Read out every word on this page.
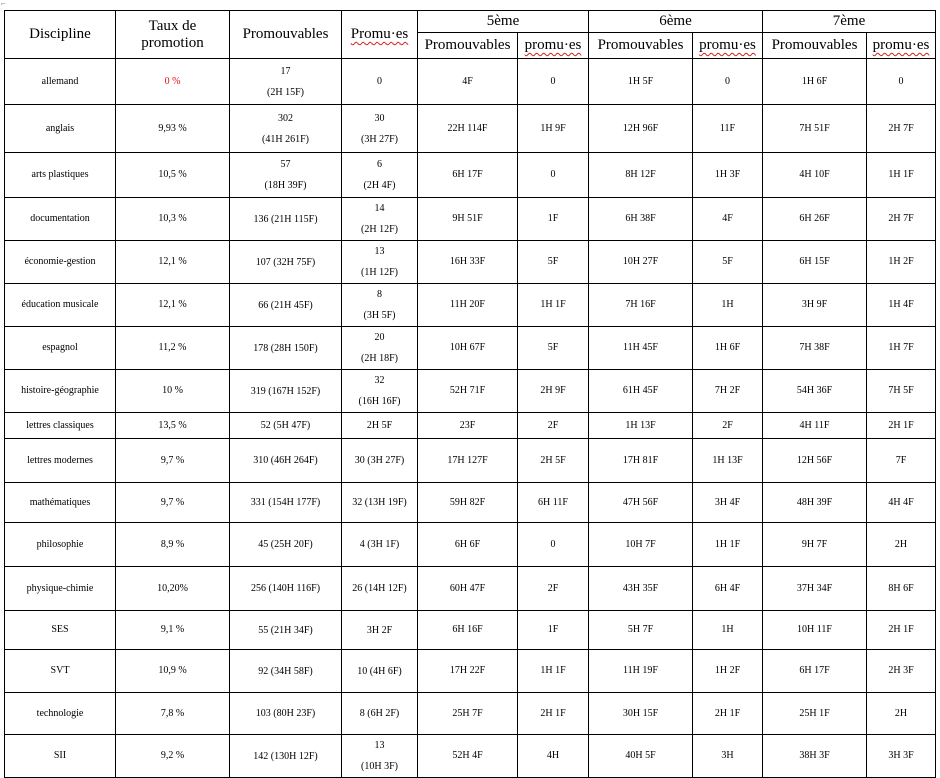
⌐
Discipline	Taux de promotion	Promouvables	Promu·es	5ème		6ème		7ème	
				Promouvables	promu·es	Promouvables	promu·es	Promouvables	promu·es
allemand	0 %	17
(2H 15F)	0	4F	0	1H 5F	0	1H 6F	0
anglais	9,93 %	302
(41H 261F)	30
(3H 27F)	22H 114F	1H 9F	12H 96F	11F	7H 51F	2H 7F
arts plastiques	10,5 %	57
(18H 39F)	6
(2H 4F)	6H 17F	0	8H 12F	1H 3F	4H 10F	1H 1F
documentation	10,3 %	136 (21H 115F)	14
(2H 12F)	9H 51F	1F	6H 38F	4F	6H 26F	2H 7F
économie-gestion	12,1 %	107 (32H 75F)	13
(1H 12F)	16H 33F	5F	10H 27F	5F	6H 15F	1H 2F
éducation musicale	12,1 %	66 (21H 45F)	8
(3H 5F)	11H 20F	1H 1F	7H 16F	1H	3H 9F	1H 4F
espagnol	11,2 %	178 (28H 150F)	20
(2H 18F)	10H 67F	5F	11H 45F	1H 6F	7H 38F	1H 7F
histoire-géographie	10 %	319 (167H 152F)	32
(16H 16F)	52H 71F	2H 9F	61H 45F	7H 2F	54H 36F	7H 5F
lettres classiques	13,5 %	52 (5H 47F)	2H 5F	23F	2F	1H 13F	2F	4H 11F	2H 1F
lettres modernes	9,7 %	310 (46H 264F)	30 (3H 27F)	17H 127F	2H 5F	17H 81F	1H 13F	12H 56F	7F
mathématiques	9,7 %	331 (154H 177F)	32 (13H 19F)	59H 82F	6H 11F	47H 56F	3H 4F	48H 39F	4H 4F
philosophie	8,9 %	45 (25H 20F)	4 (3H 1F)	6H 6F	0	10H 7F	1H 1F	9H 7F	2H
physique-chimie	10,20%	256 (140H 116F)	26 (14H 12F)	60H 47F	2F	43H 35F	6H 4F	37H 34F	8H 6F
SES	9,1 %	55 (21H 34F)	3H 2F	6H 16F	1F	5H 7F	1H	10H 11F	2H 1F
SVT	10,9 %	92 (34H 58F)	10 (4H 6F)	17H 22F	1H 1F	11H 19F	1H 2F	6H 17F	2H 3F
technologie	7,8 %	103 (80H 23F)	8 (6H 2F)	25H 7F	2H 1F	30H 15F	2H 1F	25H 1F	2H
SII	9,2 %	142 (130H 12F)	13
(10H 3F)	52H 4F	4H	40H 5F	3H	38H 3F	3H 3F
